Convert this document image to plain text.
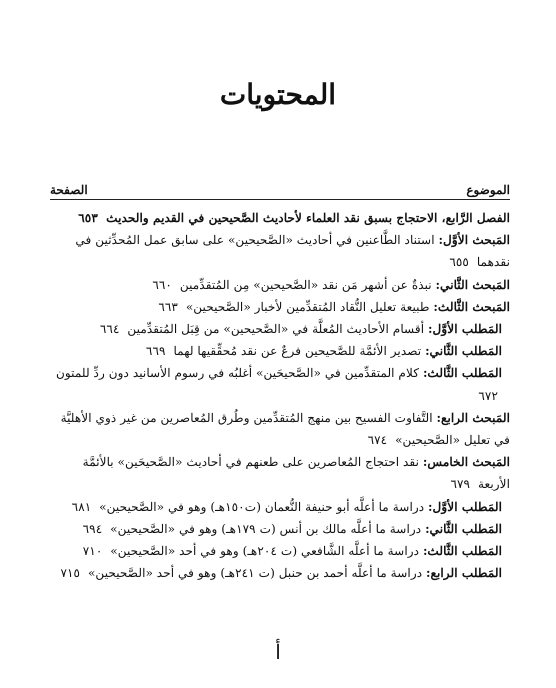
المحتويات
الموضوع
الصفحة
الفصل الرَّابع، الاحتجاج بسبق نقد العلماء لأحاديث الصَّحيحين في القديم والحديث ٦٥٣
المَبحث الأوَّل: استناد الطَّاعنين في أحاديث «الصَّحيحين» على سابق عمل المُحدِّثين في نقدهما ٦٥٥
المَبحث الثَّاني: نبذةٌ عن أشهر مَن نقد «الصَّحيحين» مِن المُتقدِّمين ٦٦٠
المَبحث الثَّالث: طبيعة تعليل النُّقاد المُتقدِّمين لأخبار «الصَّحيحين» ٦٦٣
المَطلب الأوَّل: أقسام الأحاديث المُعلَّة في «الصَّحيحين» من قِبَل المُتقدِّمين ٦٦٤
المَطلب الثَّاني: تصدير الأئمَّة للصَّحيحين فرعٌ عن نقد مُحقِّقيها لهما ٦٦٩
المَطلب الثَّالث: كلام المتقدِّمين في «الصَّحيحَين» أغلبُه في رسوم الأسانيد دون ردِّ للمتون ٦٧٢
المَبحث الرابع: التَّفاوت الفسيح بين منهج المُتقدِّمين وطُرق المُعاصرين من غير ذوي الأهليَّة في تعليل «الصَّحيحين» ٦٧٤
المَبحث الخامس: نقد احتجاج المُعاصرين على طعنهم في أحاديث «الصَّحيحَين» بالأئمَّة الأربعة ٦٧٩
المَطلب الأوَّل: دراسة ما أعلَّه أبو حنيفة النُّعمان (ت١٥٠هـ) وهو في «الصَّحيحين» ٦٨١
المَطلب الثَّاني: دراسة ما أعلَّه مالك بن أنس (ت ١٧٩هـ) وهو في «الصَّحيحين» ٦٩٤
المَطلب الثَّالث: دراسة ما أعلَّه الشَّافعي (ت ٢٠٤هـ) وهو في أحد «الصَّحيحين» ٧١٠
المَطلب الرابع: دراسة ما أعلَّه أحمد بن حنبل (ت ٢٤١هـ) وهو في أحد «الصَّحيحين» ٧١٥
أ
